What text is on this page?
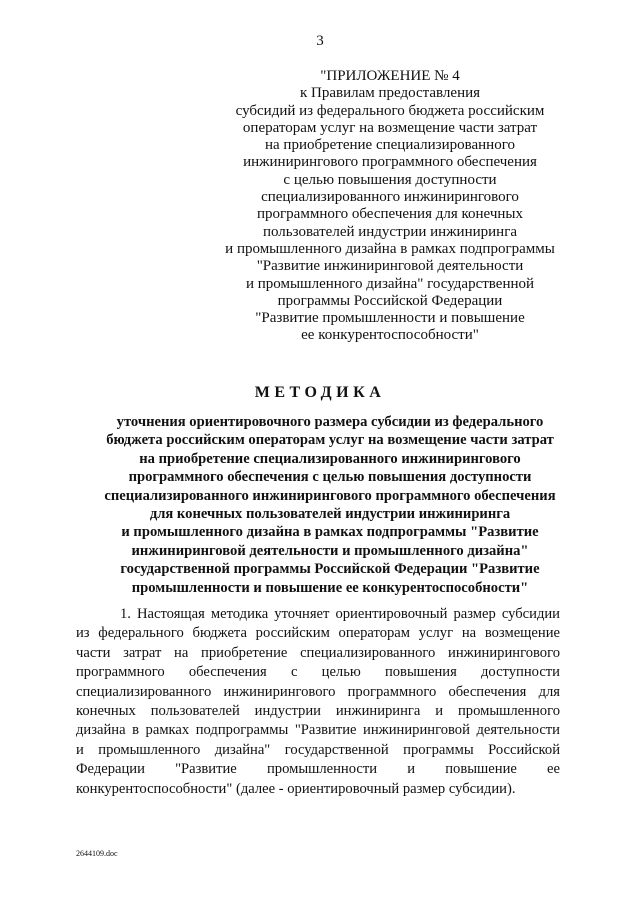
3
"ПРИЛОЖЕНИЕ № 4
к Правилам предоставления
субсидий из федерального бюджета российским
операторам услуг на возмещение части затрат
на приобретение специализированного
инжинирингового программного обеспечения
с целью повышения доступности
специализированного инжинирингового
программного обеспечения для конечных
пользователей индустрии инжиниринга
и промышленного дизайна в рамках подпрограммы
"Развитие инжиниринговой деятельности
и промышленного дизайна" государственной
программы Российской Федерации
"Развитие промышленности и повышение
ее конкурентоспособности"
МЕТОДИКА
уточнения ориентировочного размера субсидии из федерального
бюджета российским операторам услуг на возмещение части затрат
на приобретение специализированного инжинирингового
программного обеспечения с целью повышения доступности
специализированного инжинирингового программного обеспечения
для конечных пользователей индустрии инжиниринга
и промышленного дизайна в рамках подпрограммы "Развитие
инжиниринговой деятельности и промышленного дизайна"
государственной программы Российской Федерации "Развитие
промышленности и повышение ее конкурентоспособности"
1. Настоящая методика уточняет ориентировочный размер субсидии
из федерального бюджета российским операторам услуг на возмещение
части затрат на приобретение специализированного инжинирингового
программного обеспечения с целью повышения доступности
специализированного инжинирингового программного обеспечения для
конечных пользователей индустрии инжиниринга и промышленного
дизайна в рамках подпрограммы "Развитие инжиниринговой деятельности
и промышленного дизайна" государственной программы Российской
Федерации "Развитие промышленности и повышение ее
конкурентоспособности" (далее - ориентировочный размер субсидии).
2644109.doc
